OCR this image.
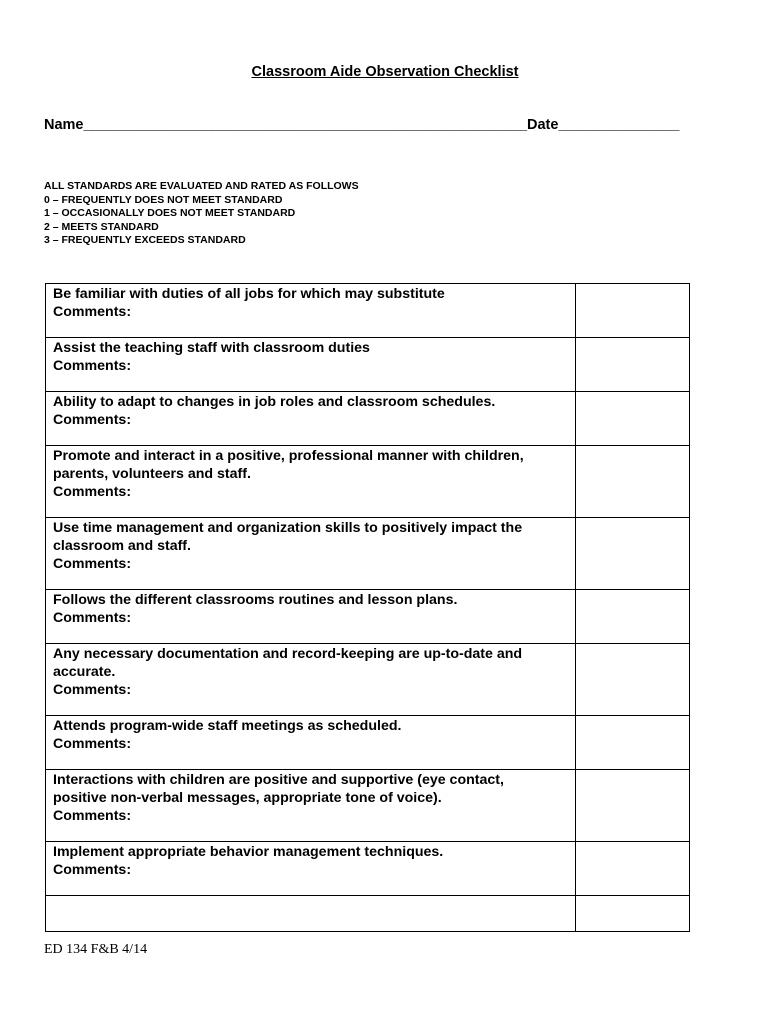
Classroom Aide Observation Checklist
Name_______________________________________________________Date_______________
ALL STANDARDS ARE EVALUATED AND RATED AS FOLLOWS
0 – FREQUENTLY DOES NOT MEET STANDARD
1 – OCCASIONALLY DOES NOT MEET STANDARD
2 – MEETS STANDARD
3 – FREQUENTLY EXCEEDS STANDARD
Be familiar with duties of all jobs for which may substitute
Comments:	

Assist the teaching staff with classroom duties
Comments:	

Ability to adapt to changes in job roles and classroom schedules.
Comments:	

Promote and interact in a positive, professional manner with children,
parents, volunteers and staff.
Comments:	

Use time management and organization skills to positively impact the
classroom and staff.
Comments:	

Follows the different classrooms routines and lesson plans.
Comments:	

Any necessary documentation and record-keeping are up-to-date and
accurate.
Comments:	

Attends program-wide staff meetings as scheduled.
Comments:	

Interactions with children are positive and supportive (eye contact,
positive non-verbal messages, appropriate tone of voice).
Comments:	

Implement appropriate behavior management techniques.
Comments:	

ED 134 F&B 4/14
